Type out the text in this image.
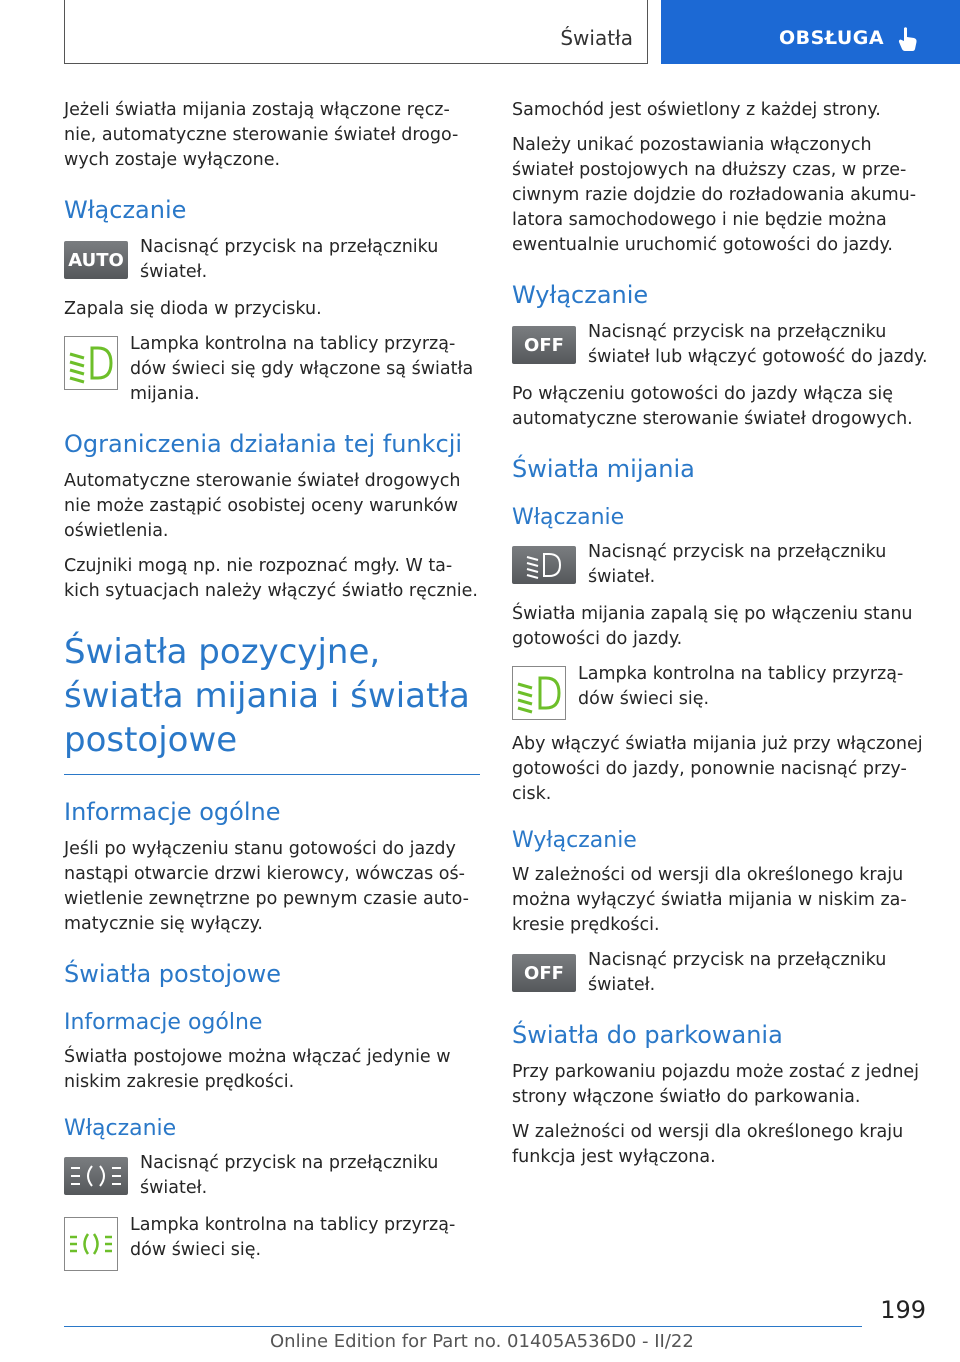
Światła	OBSŁUGA

Jeżeli światła mijania zostają włączone ręcz-nie, automatyczne sterowanie świateł drogo-wych zostaje wyłączone.

Włączanie
AUTO

Nacisnąć przycisk na przełączniku świateł.

Zapala się dioda w przycisku.

Lampka kontrolna na tablicy przyrzą-dów świeci się gdy włączone są światła mijania.

Ograniczenia działania tej funkcji

Automatyczne sterowanie świateł drogowych nie może zastąpić osobistej oceny warunków oświetlenia.

Czujniki mogą np. nie rozpoznać mgły. W ta-kich sytuacjach należy włączyć światło ręcznie.

Światła pozycyjne, światła mijania i światła postojowe
Informacje ogólne

Jeśli po wyłączeniu stanu gotowości do jazdy nastąpi otwarcie drzwi kierowcy, wówczas oś-wietlenie zewnętrzne po pewnym czasie auto-matycznie się wyłączy.

Światła postojowe
Informacje ogólne

Światła postojowe można włączać jedynie w niskim zakresie prędkości.

Włączanie

Nacisnąć przycisk na przełączniku świateł.

Lampka kontrolna na tablicy przyrzą-dów świeci się.

Samochód jest oświetlony z każdej strony.

Należy unikać pozostawiania włączonych świateł postojowych na dłuższy czas, w prze-ciwnym razie dojdzie do rozładowania akumu-latora samochodowego i nie będzie można ewentualnie uruchomić gotowości do jazdy.

Wyłączanie
OFF

Nacisnąć przycisk na przełączniku świateł lub włączyć gotowość do jazdy.

Po włączeniu gotowości do jazdy włącza się automatyczne sterowanie świateł drogowych.

Światła mijania
Włączanie

Nacisnąć przycisk na przełączniku świateł.

Światła mijania zapalą się po włączeniu stanu gotowości do jazdy.

Lampka kontrolna na tablicy przyrzą-dów świeci się.

Aby włączyć światła mijania już przy włączonej gotowości do jazdy, ponownie nacisnąć przy-cisk.

Wyłączanie

W zależności od wersji dla określonego kraju można wyłączyć światła mijania w niskim za-kresie prędkości.

OFF

Nacisnąć przycisk na przełączniku świateł.

Światła do parkowania

Przy parkowaniu pojazdu może zostać z jednej strony włączone światło do parkowania.

W zależności od wersji dla określonego kraju funkcja jest wyłączona.

199
Online Edition for Part no. 01405A536D0 - II/22
